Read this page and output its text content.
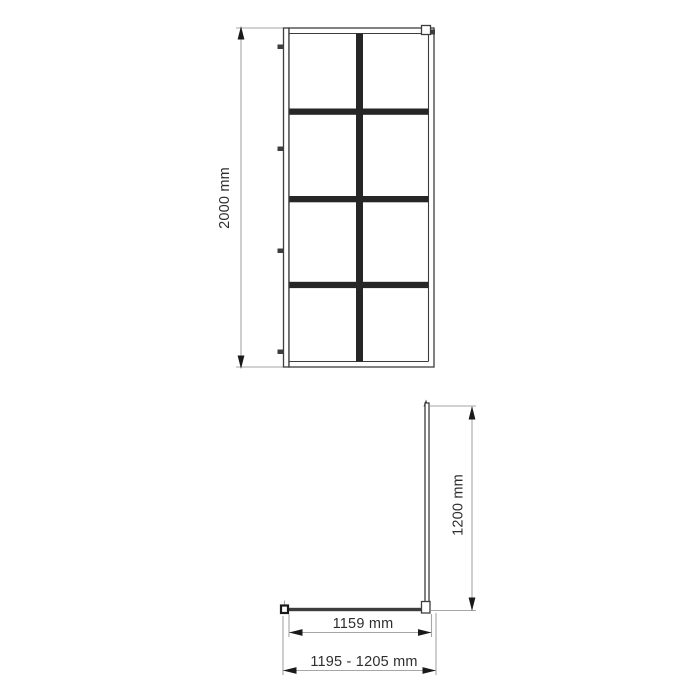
2000 mm
1200 mm
1159 mm
1195 - 1205 mm
